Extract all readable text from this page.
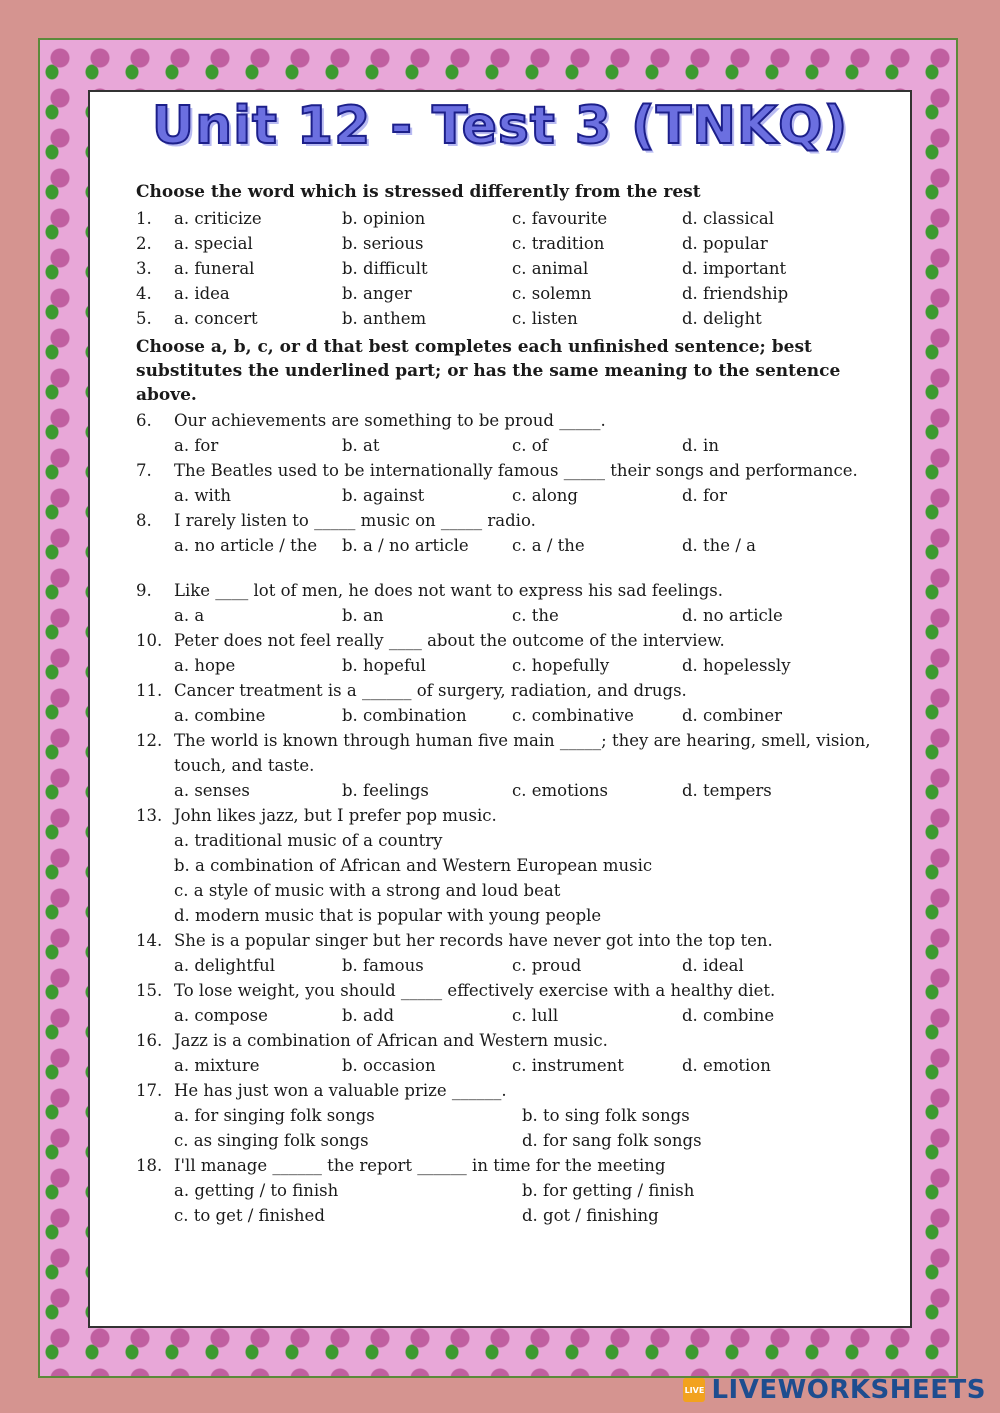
Unit 12 - Test 3 (TNKQ)
Choose the word which is stressed differently from the rest
1.	a. criticize	b. opinion	c. favourite	d. classical
2.	a. special	b. serious	c. tradition	d. popular
3.	a. funeral	b. difficult	c. animal	d. important
4.	a. idea	b. anger	c. solemn	d. friendship
5.	a. concert	b. anthem	c. listen	d. delight
Choose a, b, c, or d that best completes each unfinished sentence; best substitutes the underlined part; or has the same meaning to the sentence above.
6.	Our achievements are something to be proud _____.
a. for	b. at	c. of	d. in
7.	The Beatles used to be internationally famous _____ their songs and performance.
a. with	b. against	c. along	d. for
8.	I rarely listen to _____ music on _____ radio.
a. no article / the	b. a / no article	c. a / the	d. the / a
9.	Like ____ lot of men, he does not want to express his sad feelings.
a. a	b. an	c. the	d. no article
10. Peter does not feel really ____ about the outcome of the interview.
a. hope	b. hopeful	c. hopefully	d. hopelessly
11. Cancer treatment is a ______ of surgery, radiation, and drugs.
a. combine	b. combination	c. combinative	d. combiner
12. The world is known through human five main _____; they are hearing, smell, vision, touch, and taste.
a. senses	b. feelings	c. emotions	d. tempers
13. John likes jazz, but I prefer pop music.
a. traditional music of a country
b. a combination of African and Western European music
c. a style of music with a strong and loud beat
d. modern music that is popular with young people
14. She is a popular singer but her records have never got into the top ten.
a. delightful	b. famous	c. proud	d. ideal
15. To lose weight, you should _____ effectively exercise with a healthy diet.
a. compose	b. add	c. lull	d. combine
16. Jazz is a combination of African and Western music.
a. mixture	b. occasion	c. instrument	d. emotion
17. He has just won a valuable prize ______.
a. for singing folk songs	b. to sing folk songs
c. as singing folk songs	d. for sang folk songs
18. I'll manage ______ the report ______ in time for the meeting
a. getting / to finish	b. for getting / finish
c. to get / finished	d. got / finishing
LIVE LIVEWORKSHEETS
